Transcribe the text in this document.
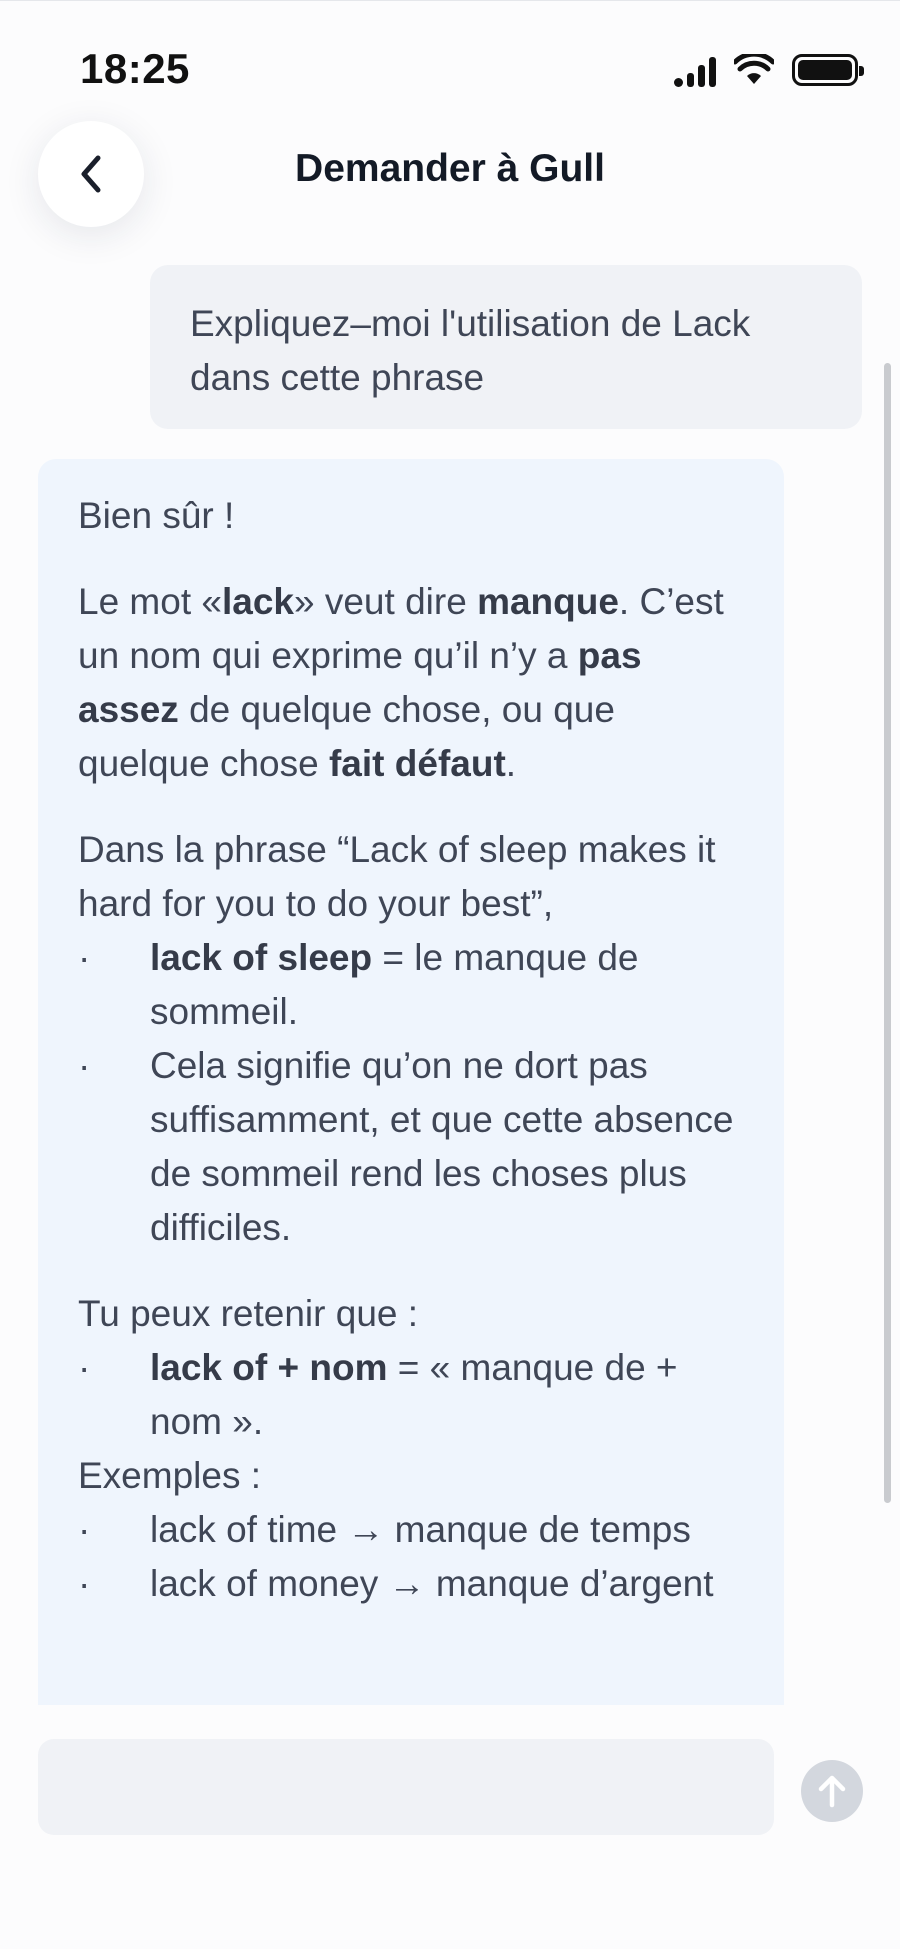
18:25
Demander à Gull
Expliquez–moi l'utilisation de Lack dans cette phrase

Bien sûr !

Le mot «lack» veut dire manque. C’est un nom qui exprime qu’il n’y a pas assez de quelque chose, ou que quelque chose fait défaut.

Dans la phrase “Lack of sleep makes it hard for you to do your best”,

·	lack of sleep = le manque de sommeil.
·	Cela signifie qu’on ne dort pas suffisamment, et que cette absence de sommeil rend les choses plus difficiles.

Tu peux retenir que :

·	lack of + nom = « manque de + nom ».

Exemples :

·	lack of time → manque de temps
·	lack of money → manque d’argent
